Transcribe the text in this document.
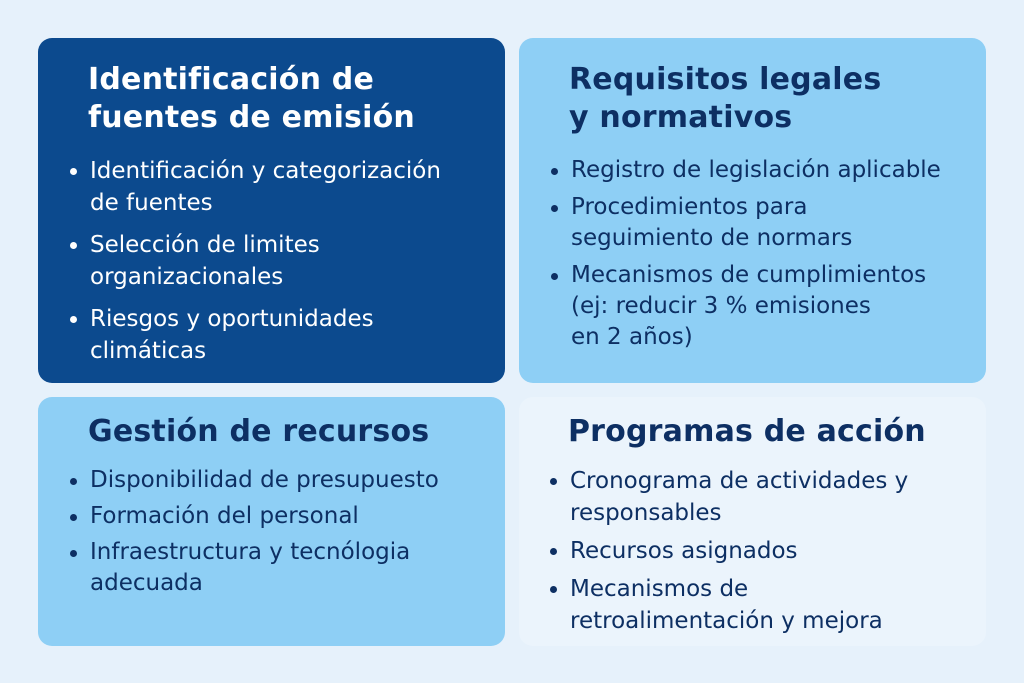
Identificación de
fuentes de emisión
Identificación y categorización
de fuentes
Selección de limites
organizacionales
Riesgos y oportunidades
climáticas
Requisitos legales
y normativos
Registro de legislación aplicable
Procedimientos para
seguimiento de normars
Mecanismos de cumplimientos
(ej: reducir 3 % emisiones
en 2 años)
Gestión de recursos
Disponibilidad de presupuesto
Formación del personal
Infraestructura y tecnólogia
adecuada
Programas de acción
Cronograma de actividades y
responsables
Recursos asignados
Mecanismos de
retroalimentación y mejora
